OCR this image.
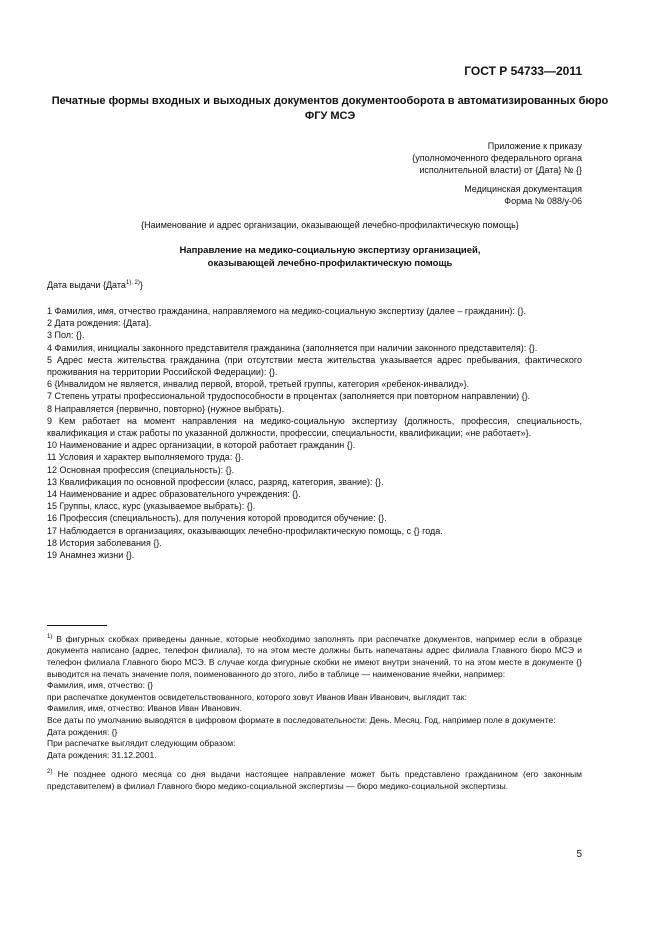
ГОСТ Р 54733—2011
Печатные формы входных и выходных документов документооборота в автоматизированных бюро ФГУ МСЭ
Приложение к приказу
{уполномоченного федерального органа
исполнительной власти} от {Дата} № {}
Медицинская документация
Форма № 088/у-06
{Наименование и адрес организации, оказывающей лечебно-профилактическую помощь}
Направление на медико-социальную экспертизу организацией,
оказывающей лечебно-профилактическую помощь
Дата выдачи {Дата$^{1), 2)}$}
1 Фамилия, имя, отчество гражданина, направляемого на медико-социальную экспертизу (далее – гражданин): {}.
2 Дата рождения: {Дата}.
3 Пол: {}.
4 Фамилия, инициалы законного представителя гражданина (заполняется при наличии законного представителя): {}.
5 Адрес места жительства гражданина (при отсутствии места жительства указывается адрес пребывания, фактического проживания на территории Российской Федерации): {}.
6 {Инвалидом не является, инвалид первой, второй, третьей группы, категория «ребенок-инвалид»}.
7 Степень утраты профессиональной трудоспособности в процентах (заполняется при повторном направлении) {}.
8 Направляется {первично, повторно} (нужное выбрать).
9 Кем работает на момент направления на медико-социальную экспертизу {должность, профессия, специальность, квалификация и стаж работы по указанной должности, профессии, специальности, квалификации; «не работает»}.
10 Наименование и адрес организации, в которой работает гражданин {}.
11 Условия и характер выполняемого труда: {}.
12 Основная профессия (специальность): {}.
13 Квалификация по основной профессии (класс, разряд, категория, звание): {}.
14 Наименование и адрес образовательного учреждения: {}.
15 Группы, класс, курс (указываемое выбрать): {}.
16 Профессия (специальность), для получения которой проводится обучение: {}.
17 Наблюдается в организациях, оказывающих лечебно-профилактическую помощь, с {} года.
18 История заболевания {}.
19 Анамнез жизни {}.

$^{1)}$ В фигурных скобках приведены данные, которые необходимо заполнять при распечатке документов, например если в образце документа написано {адрес, телефон филиала}, то на этом месте должны быть напечатаны адрес филиала Главного бюро МСЭ и телефон филиала Главного бюро МСЭ. В случае когда фигурные скобки не имеют внутри значений, то на этом месте в документе {} выводится на печать значение поля, поименованного до этого, либо в таблице — наименование ячейки, например:

Фамилия, имя, отчество: {}

при распечатке документов освидетельствованного, которого зовут Иванов Иван Иванович, выглядит так:

Фамилия, имя, отчество: Иванов Иван Иванович.

Все даты по умолчанию выводятся в цифровом формате в последовательности: День. Месяц. Год, например поле в документе:

Дата рождения: {}

При распечатке выглядит следующим образом:

Дата рождения: 31.12.2001.

$^{2)}$ Не позднее одного месяца со дня выдачи настоящее направление может быть представлено гражданином (его законным представителем) в филиал Главного бюро медико-социальной экспертизы — бюро медико-социальной экспертизы.

5
